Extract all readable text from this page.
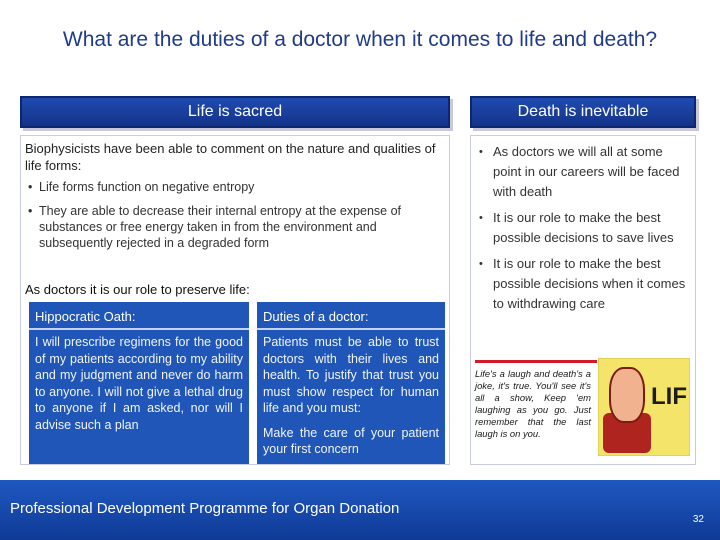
What are the duties of a doctor when it comes to life and death?
Life is sacred	Death is inevitable
Biophysicists have been able to comment on the nature and qualities of life forms:
• Life forms function on negative entropy
• They are able to decrease their internal entropy at the expense of substances or free energy taken in from the environment and subsequently rejected in a degraded form
As doctors it is our role to preserve life:
Hippocratic Oath:

I will prescribe regimens for the good of my patients according to my ability and my judgment and never do harm to anyone. I will not give a lethal drug to anyone if I am asked, nor will I advise such a plan

Duties of a doctor:

Patients must be able to trust doctors with their lives and health. To justify that trust you must show respect for human life and you must:

Make the care of your patient your first concern

• As doctors we will all at some point in our careers will be faced with death
• It is our role to make the best possible decisions to save lives
• It is our role to make the best possible decisions when it comes to withdrawing care
Life's a laugh and death's a joke, it's true. You'll see it's all a show, Keep 'em laughing as you go. Just remember that the last laugh is on you.
LIF
Professional Development Programme for Organ Donation
32
